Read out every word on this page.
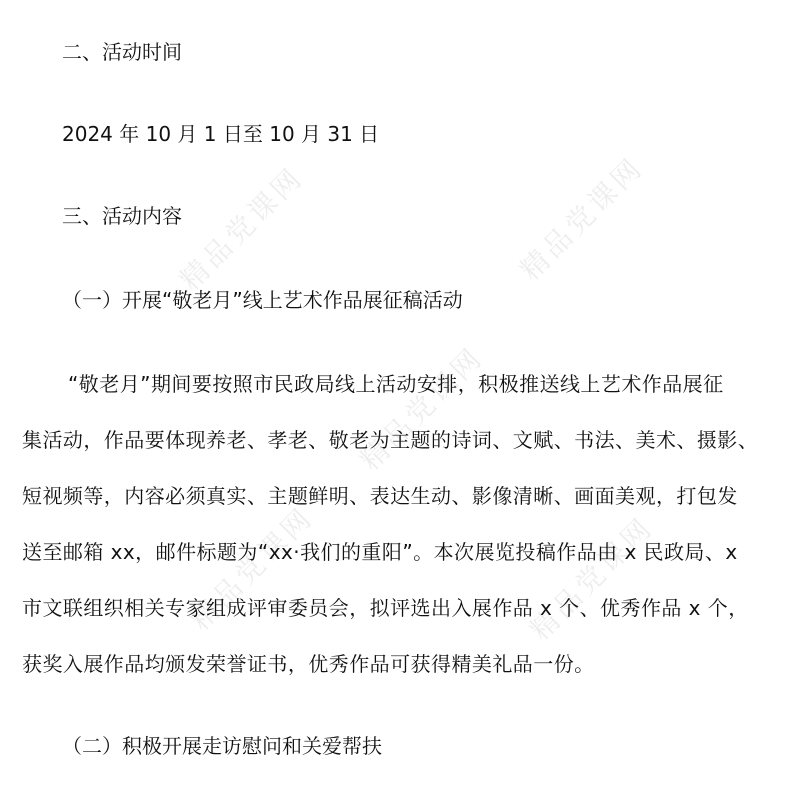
精品党课网	精品党课网
精品党课网
精品党课网	精品党课网

二、活动时间

2024 年 10 月 1 日至 10 月 31 日

三、活动内容

（一）开展“敬老月”线上艺术作品展征稿活动

“敬老月”期间要按照市民政局线上活动安排，积极推送线上艺术作品展征

集活动，作品要体现养老、孝老、敬老为主题的诗词、文赋、书法、美术、摄影、

短视频等，内容必须真实、主题鲜明、表达生动、影像清晰、画面美观，打包发

送至邮箱 xx，邮件标题为“xx·我们的重阳”。本次展览投稿作品由 x 民政局、x

市文联组织相关专家组成评审委员会，拟评选出入展作品 x 个、优秀作品 x 个，

获奖入展作品均颁发荣誉证书，优秀作品可获得精美礼品一份。

（二）积极开展走访慰问和关爱帮扶
